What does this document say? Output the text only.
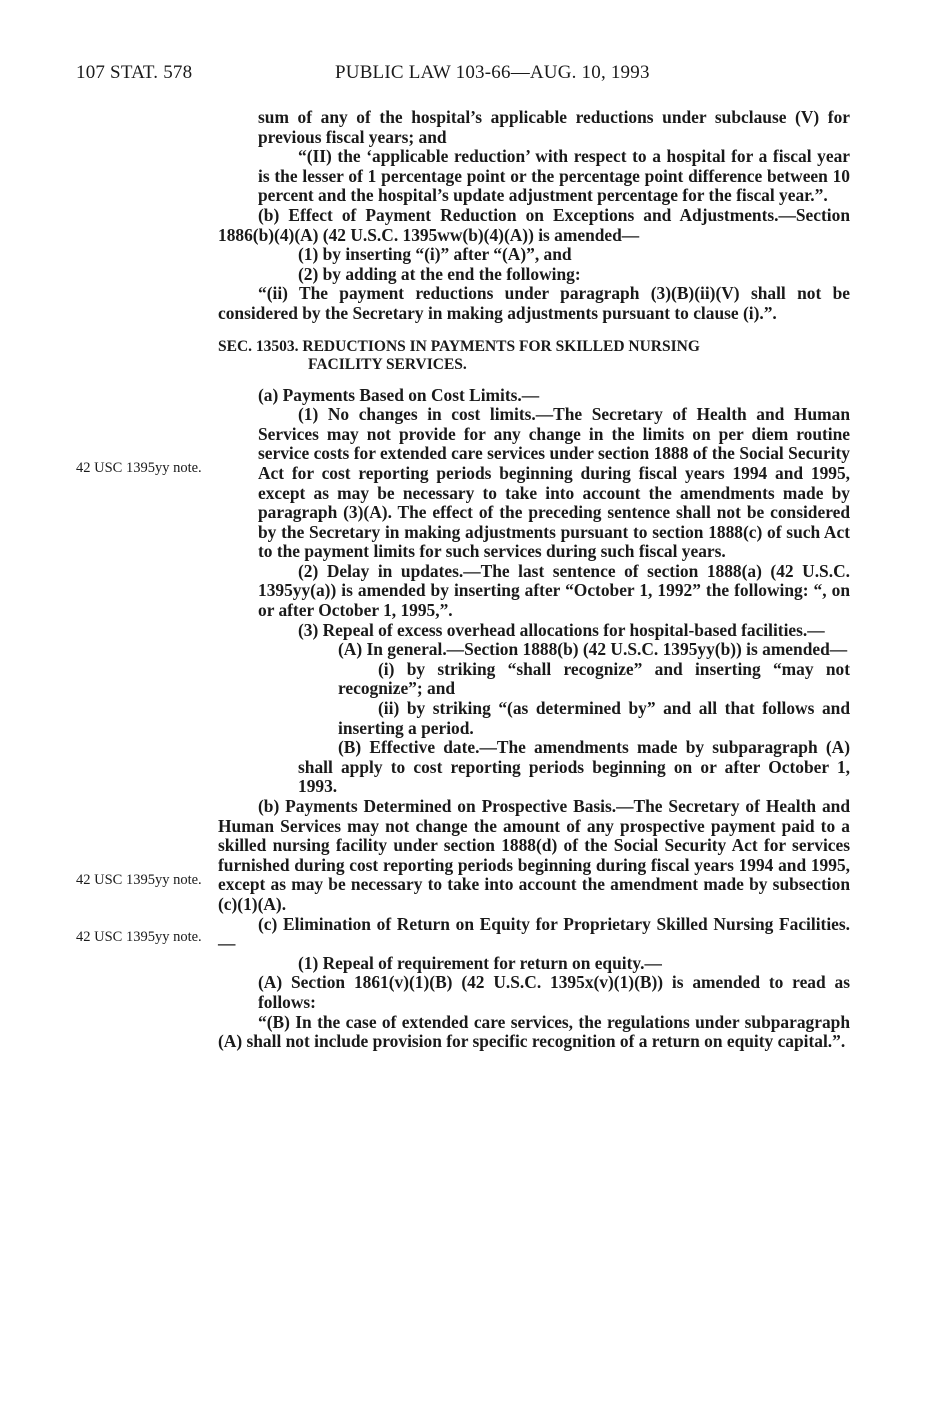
107 STAT. 578	PUBLIC LAW 103-66—AUG. 10, 1993
42 USC 1395yy note.
42 USC 1395yy note.
42 USC 1395yy note.

sum of any of the hospital’s applicable reductions under subclause (V) for previous fiscal years; and

“(II) the ‘applicable reduction’ with respect to a hospital for a fiscal year is the lesser of 1 percentage point or the percentage point difference between 10 percent and the hospital’s update adjustment percentage for the fiscal year.”.

(b) Effect of Payment Reduction on Exceptions and Adjustments.—Section 1886(b)(4)(A) (42 U.S.C. 1395ww(b)(4)(A)) is amended—

(1) by inserting “(i)” after “(A)”, and

(2) by adding at the end the following:

“(ii) The payment reductions under paragraph (3)(B)(ii)(V) shall not be considered by the Secretary in making adjustments pursuant to clause (i).”.

SEC. 13503. REDUCTIONS IN PAYMENTS FOR SKILLED NURSING
FACILITY SERVICES.

(a) Payments Based on Cost Limits.—

(1) No changes in cost limits.—The Secretary of Health and Human Services may not provide for any change in the limits on per diem routine service costs for extended care services under section 1888 of the Social Security Act for cost reporting periods beginning during fiscal years 1994 and 1995, except as may be necessary to take into account the amendments made by paragraph (3)(A). The effect of the preceding sentence shall not be considered by the Secretary in making adjustments pursuant to section 1888(c) of such Act to the payment limits for such services during such fiscal years.

(2) Delay in updates.—The last sentence of section 1888(a) (42 U.S.C. 1395yy(a)) is amended by inserting after “October 1, 1992” the following: “, on or after October 1, 1995,”.

(3) Repeal of excess overhead allocations for hospital-based facilities.—

(A) In general.—Section 1888(b) (42 U.S.C. 1395yy(b)) is amended—

(i) by striking “shall recognize” and inserting “may not recognize”; and

(ii) by striking “(as determined by” and all that follows and inserting a period.

(B) Effective date.—The amendments made by subparagraph (A) shall apply to cost reporting periods beginning on or after October 1, 1993.

(b) Payments Determined on Prospective Basis.—The Secretary of Health and Human Services may not change the amount of any prospective payment paid to a skilled nursing facility under section 1888(d) of the Social Security Act for services furnished during cost reporting periods beginning during fiscal years 1994 and 1995, except as may be necessary to take into account the amendment made by subsection (c)(1)(A).

(c) Elimination of Return on Equity for Proprietary Skilled Nursing Facilities.—

(1) Repeal of requirement for return on equity.—

(A) Section 1861(v)(1)(B) (42 U.S.C. 1395x(v)(1)(B)) is amended to read as follows:

“(B) In the case of extended care services, the regulations under subparagraph (A) shall not include provision for specific recognition of a return on equity capital.”.
